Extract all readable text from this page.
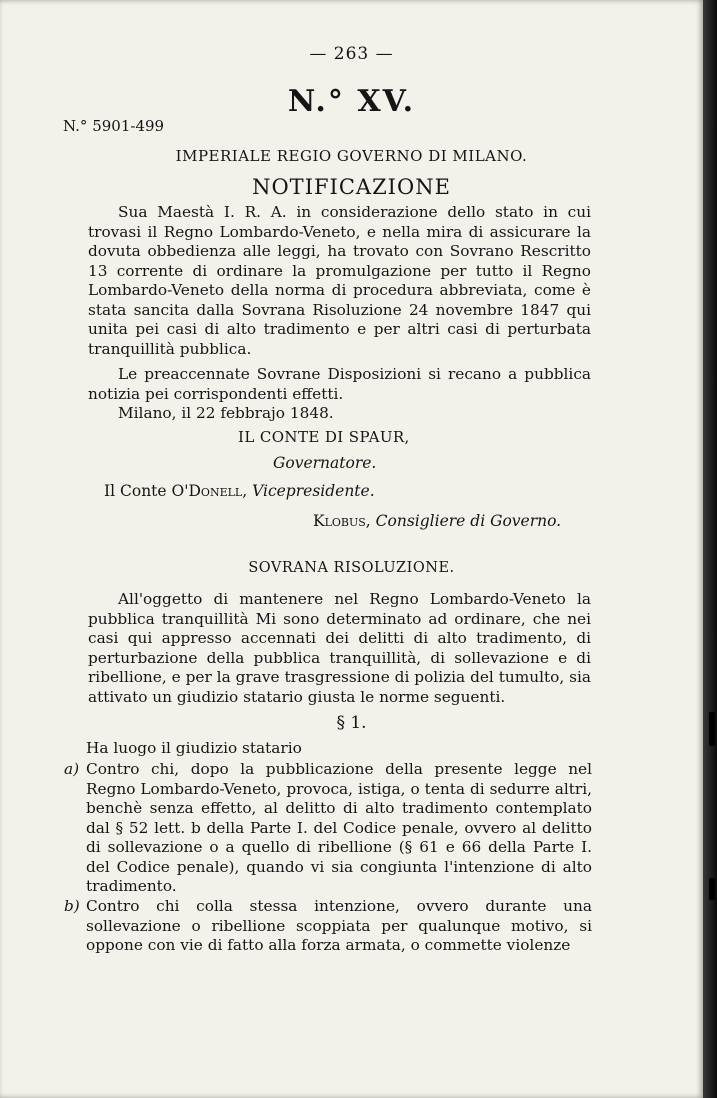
— 263 —
N.° XV.
N.° 5901-499
IMPERIALE REGIO GOVERNO DI MILANO.
NOTIFICAZIONE
Sua Maestà I. R. A. in considerazione dello stato in cui trovasi il Regno Lombardo-Veneto, e nella mira di assicurare la dovuta obbedienza alle leggi, ha trovato con Sovrano Rescritto 13 corrente di ordinare la promulgazione per tutto il Regno Lombardo-Veneto della norma di procedura abbreviata, come è stata sancita dalla Sovrana Risoluzione 24 novembre 1847 qui unita pei casi di alto tradimento e per altri casi di perturbata tranquillità pubblica.
Le preaccennate Sovrane Disposizioni si recano a pubblica notizia pei corrispondenti effetti.
Milano, il 22 febbrajo 1848.
IL CONTE DI SPAUR,
Governatore.
Il Conte O'Donell, Vicepresidente.
Klobus, Consigliere di Governo.
SOVRANA RISOLUZIONE.
All'oggetto di mantenere nel Regno Lombardo-Veneto la pubblica tranquillità Mi sono determinato ad ordinare, che nei casi qui appresso accennati dei delitti di alto tradimento, di perturbazione della pubblica tranquillità, di sollevazione e di ribellione, e per la grave trasgressione di polizia del tumulto, sia attivato un giudizio statario giusta le norme seguenti.
§ 1.
Ha luogo il giudizio statario
a) Contro chi, dopo la pubblicazione della presente legge nel Regno Lombardo-Veneto, provoca, istiga, o tenta di sedurre altri, benchè senza effetto, al delitto di alto tradimento contemplato dal § 52 lett. b della Parte I. del Codice penale, ovvero al delitto di sollevazione o a quello di ribellione (§ 61 e 66 della Parte I. del Codice penale), quando vi sia congiunta l'intenzione di alto tradimento.
b) Contro chi colla stessa intenzione, ovvero durante una sollevazione o ribellione scoppiata per qualunque motivo, si oppone con vie di fatto alla forza armata, o commette violenze
